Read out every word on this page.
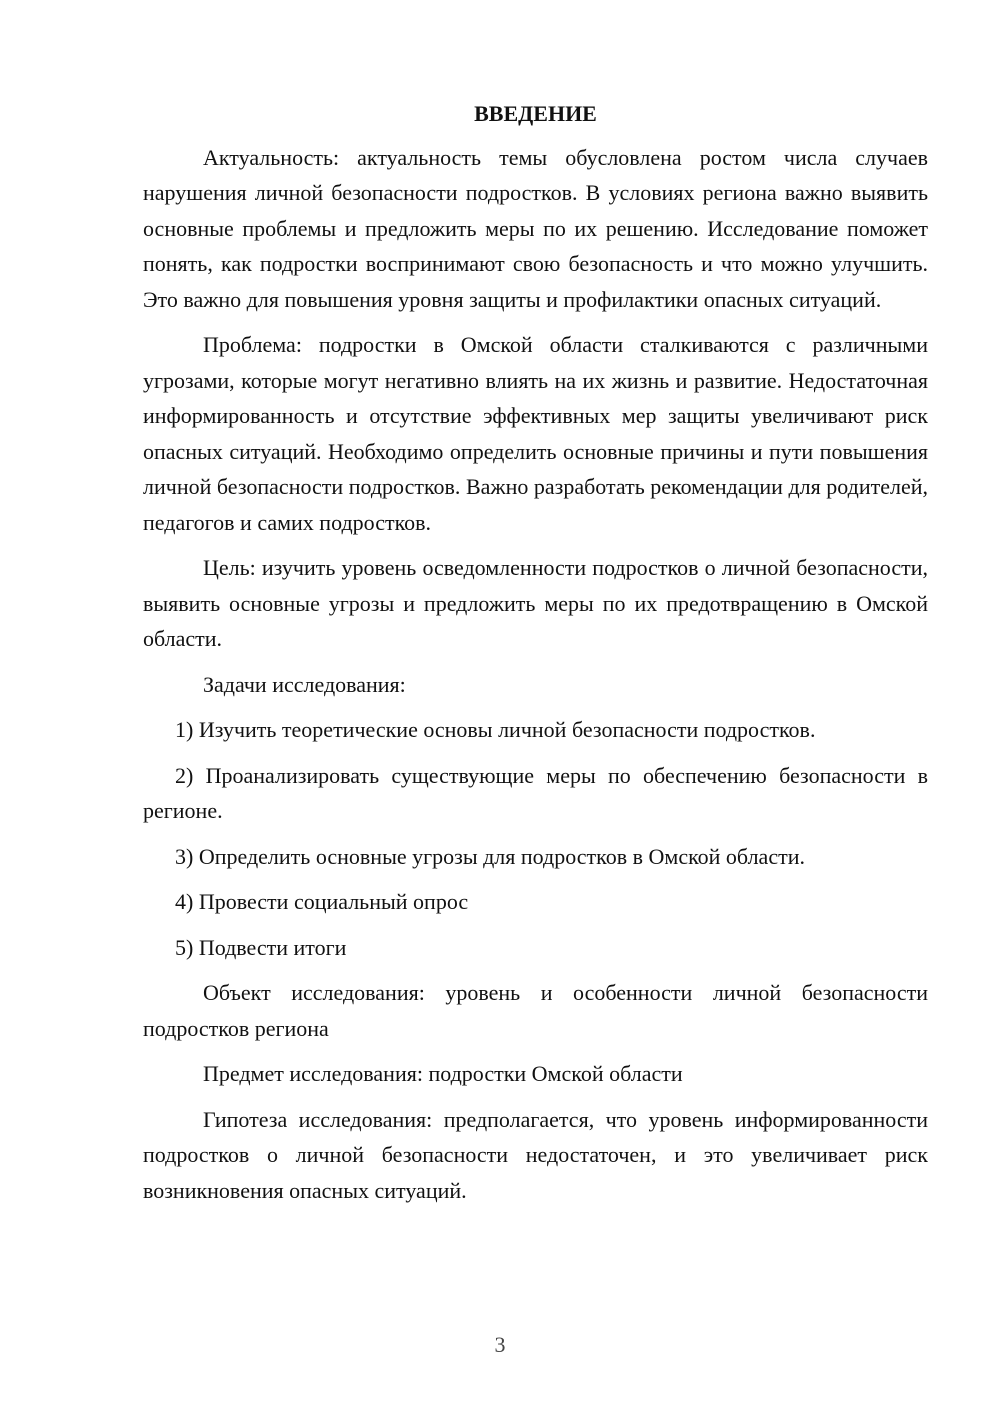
ВВЕДЕНИЕ

Актуальность: актуальность темы обусловлена ростом числа случаев нарушения личной безопасности подростков. В условиях региона важно выявить основные проблемы и предложить меры по их решению. Исследование поможет понять, как подростки воспринимают свою безопасность и что можно улучшить. Это важно для повышения уровня защиты и профилактики опасных ситуаций.

Проблема: подростки в Омской области сталкиваются с различными угрозами, которые могут негативно влиять на их жизнь и развитие. Недостаточная информированность и отсутствие эффективных мер защиты увеличивают риск опасных ситуаций. Необходимо определить основные причины и пути повышения личной безопасности подростков. Важно разработать рекомендации для родителей, педагогов и самих подростков.

Цель: изучить уровень осведомленности подростков о личной безопасности, выявить основные угрозы и предложить меры по их предотвращению в Омской области.

Задачи исследования:

1) Изучить теоретические основы личной безопасности подростков.

2) Проанализировать существующие меры по обеспечению безопасности в регионе.

3) Определить основные угрозы для подростков в Омской области.

4) Провести социальный опрос

5) Подвести итоги

Объект исследования: уровень и особенности личной безопасности подростков региона

Предмет исследования: подростки Омской области

Гипотеза исследования: предполагается, что уровень информированности подростков о личной безопасности недостаточен, и это увеличивает риск возникновения опасных ситуаций.

3
